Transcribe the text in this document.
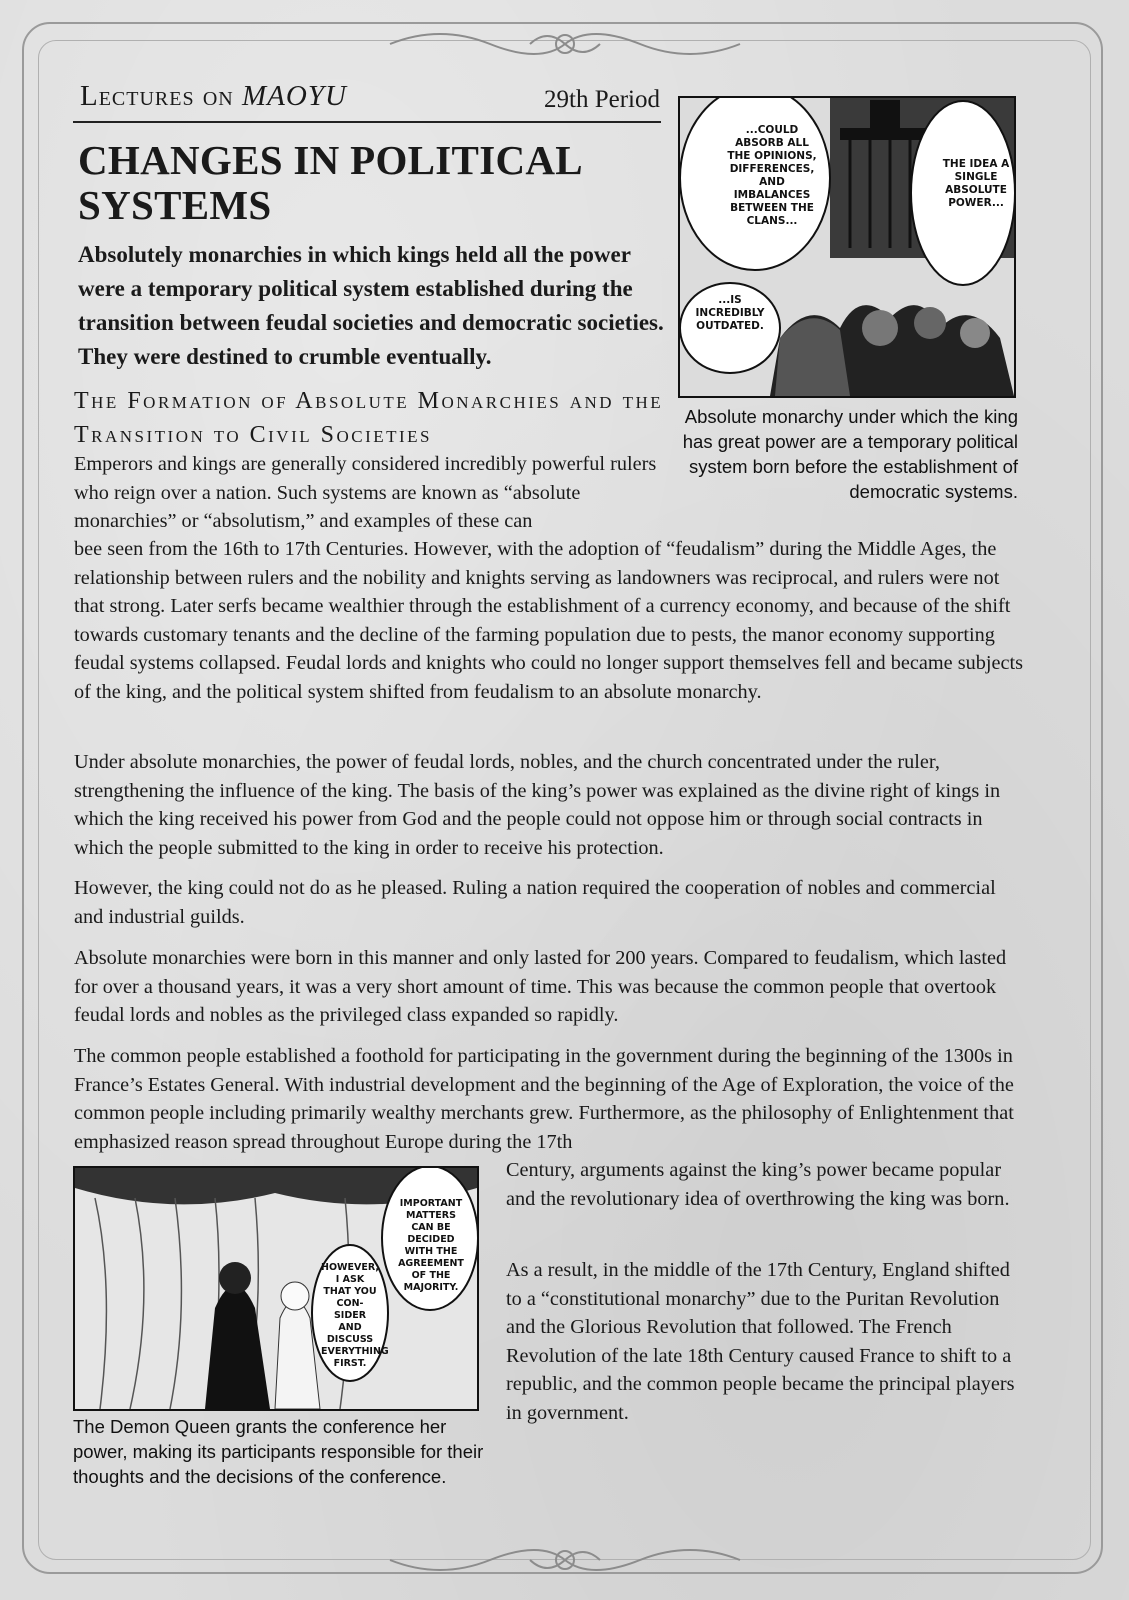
Lectures on MAOYU	29th Period
CHANGES IN POLITICAL SYSTEMS
Absolutely monarchies in which kings held all the power were a temporary political system established during the transition between feudal societies and democratic societies. They were destined to crumble eventually.
The Formation of Absolute Monarchies and the Transition to Civil Societies
Emperors and kings are generally considered incredibly powerful rulers who reign over a nation. Such systems are known as “absolute monarchies” or “absolutism,” and examples of these can
bee seen from the 16th to 17th Centuries. However, with the adoption of “feudalism” during the Middle Ages, the relationship between rulers and the nobility and knights serving as landowners was reciprocal, and rulers were not that strong. Later serfs became wealthier through the establishment of a currency economy, and because of the shift towards customary tenants and the decline of the farming population due to pests, the manor economy supporting feudal systems collapsed. Feudal lords and knights who could no longer support themselves fell and became subjects of the king, and the political system shifted from feudalism to an absolute monarchy.
Under absolute monarchies, the power of feudal lords, nobles, and the church concentrated under the ruler, strengthening the influence of the king. The basis of the king’s power was explained as the divine right of kings in which the king received his power from God and the people could not oppose him or through social contracts in which the people submitted to the king in order to receive his protection.
However, the king could not do as he pleased. Ruling a nation required the cooperation of nobles and commercial and industrial guilds.
Absolute monarchies were born in this manner and only lasted for 200 years. Compared to feudalism, which lasted for over a thousand years, it was a very short amount of time. This was because the common people that overtook feudal lords and nobles as the privileged class expanded so rapidly.
The common people established a foothold for participating in the government during the beginning of the 1300s in France’s Estates General. With industrial development and the beginning of the Age of Exploration, the voice of the common people including primarily wealthy merchants grew. Furthermore, as the philosophy of Enlightenment that emphasized reason spread throughout Europe during the 17th
Century, arguments against the king’s power became popular and the revolutionary idea of overthrowing the king was born.
As a result, in the middle of the 17th Century, England shifted to a “constitutional monarchy” due to the Puritan Revolution and the Glorious Revolution that followed. The French Revolution of the late 18th Century caused France to shift to a republic, and the common people became the principal players in government.
...COULD ABSORB ALL THE OPINIONS, DIFFERENCES, AND IMBALANCES BETWEEN THE CLANS...
THE IDEA A SINGLE ABSOLUTE POWER...
...IS INCREDIBLY OUTDATED.
Absolute monarchy under which the king has great power are a temporary political system born before the establishment of democratic systems.
IMPORTANT MATTERS CAN BE DECIDED WITH THE AGREEMENT OF THE MAJORITY.
HOWEVER, I ASK THAT YOU CON-SIDER AND DISCUSS EVERYTHING FIRST.
The Demon Queen grants the conference her power, making its participants responsible for their thoughts and the decisions of the conference.
